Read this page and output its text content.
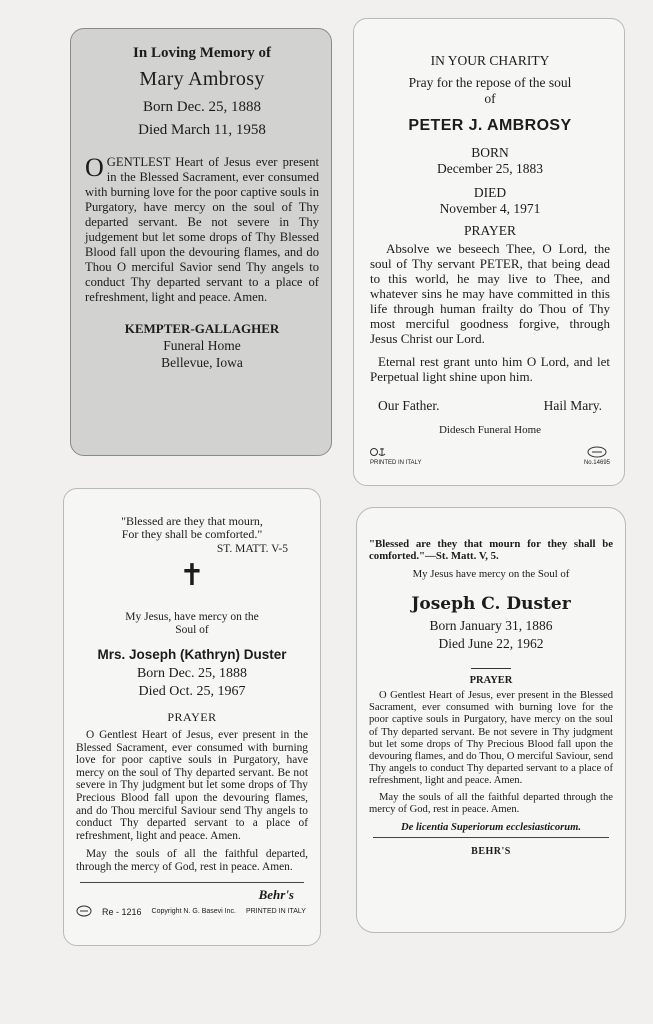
In Loving Memory of
Mary Ambrosy
Born Dec. 25, 1888
Died March 11, 1958
OGENTLEST Heart of Jesus ever present in the Blessed Sacrament, ever consumed with burning love for the poor captive souls in Purgatory, have mercy on the soul of Thy departed servant. Be not severe in Thy judgement but let some drops of Thy Blessed Blood fall upon the devouring flames, and do Thou O merciful Savior send Thy angels to conduct Thy departed servant to a place of refreshment, light and peace. Amen.
KEMPTER-GALLAGHER
Funeral Home
Bellevue, Iowa
IN YOUR CHARITY
Pray for the repose of the soul
of
PETER J. AMBROSY
BORN
December 25, 1883
DIED
November 4, 1971
PRAYER
Absolve we beseech Thee, O Lord, the soul of Thy servant PETER, that being dead to this world, he may live to Thee, and whatever sins he may have committed in this life through human frailty do Thou of Thy most merciful goodness forgive, through Jesus Christ our Lord.
Eternal rest grant unto him O Lord, and let Perpetual light shine upon him.
Our Father.	Hail Mary.
Didesch Funeral Home
PRINTED IN ITALY	No.14695
"Blessed are they that mourn,
For they shall be comforted."
ST. MATT. V-5
✝
My Jesus, have mercy on the
Soul of
Mrs. Joseph (Kathryn) Duster
Born Dec. 25, 1888
Died Oct. 25, 1967
PRAYER
O Gentlest Heart of Jesus, ever present in the Blessed Sacrament, ever consumed with burning love for poor captive souls in Purgatory, have mercy on the soul of Thy departed servant. Be not severe in Thy judgment but let some drops of Thy Precious Blood fall upon the devouring flames, and do Thou merciful Saviour send Thy angels to conduct Thy departed servant to a place of refreshment, light and peace. Amen.
May the souls of all the faithful departed, through the mercy of God, rest in peace. Amen.
Behr's
Re - 1216 Copyright N. G. Basevi Inc. PRINTED IN ITALY
"Blessed are they that mourn for they shall be comforted."—St. Matt. V, 5.
My Jesus have mercy on the Soul of
Joseph C. Duster
Born January 31, 1886
Died June 22, 1962
PRAYER
O Gentlest Heart of Jesus, ever present in the Blessed Sacrament, ever consumed with burning love for the poor captive souls in Purgatory, have mercy on the soul of Thy departed servant. Be not severe in Thy judgment but let some drops of Thy Precious Blood fall upon the devouring flames, and do Thou, O merciful Saviour, send Thy angels to conduct Thy departed servant to a place of refreshment, light and peace. Amen.
May the souls of all the faithful departed through the mercy of God, rest in peace. Amen.
De licentia Superiorum ecclesiasticorum.
BEHR'S
